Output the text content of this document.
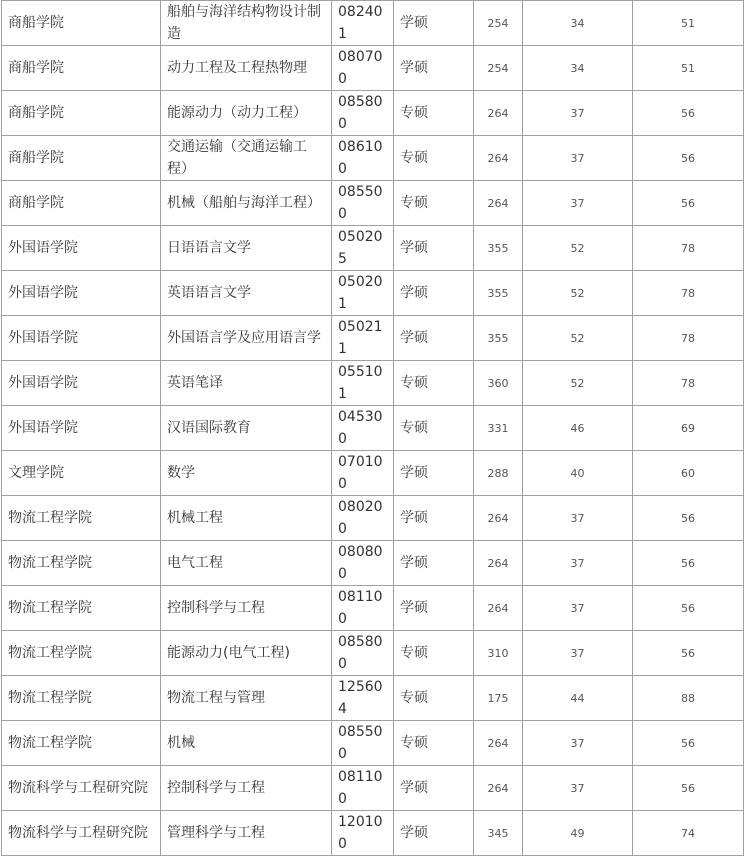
商船学院	船舶与海洋结构物设计制造	082401	学硕	254	34	51
商船学院	动力工程及工程热物理	080700	学硕	254	34	51
商船学院	能源动力（动力工程）	085800	专硕	264	37	56
商船学院	交通运输（交通运输工程）	086100	专硕	264	37	56
商船学院	机械（船舶与海洋工程）	085500	专硕	264	37	56
外国语学院	日语语言文学	050205	学硕	355	52	78
外国语学院	英语语言文学	050201	学硕	355	52	78
外国语学院	外国语言学及应用语言学	050211	学硕	355	52	78
外国语学院	英语笔译	055101	专硕	360	52	78
外国语学院	汉语国际教育	045300	专硕	331	46	69
文理学院	数学	070100	学硕	288	40	60
物流工程学院	机械工程	080200	学硕	264	37	56
物流工程学院	电气工程	080800	学硕	264	37	56
物流工程学院	控制科学与工程	081100	学硕	264	37	56
物流工程学院	能源动力(电气工程)	085800	专硕	310	37	56
物流工程学院	物流工程与管理	125604	专硕	175	44	88
物流工程学院	机械	085500	专硕	264	37	56
物流科学与工程研究院	控制科学与工程	081100	学硕	264	37	56
物流科学与工程研究院	管理科学与工程	120100	学硕	345	49	74
